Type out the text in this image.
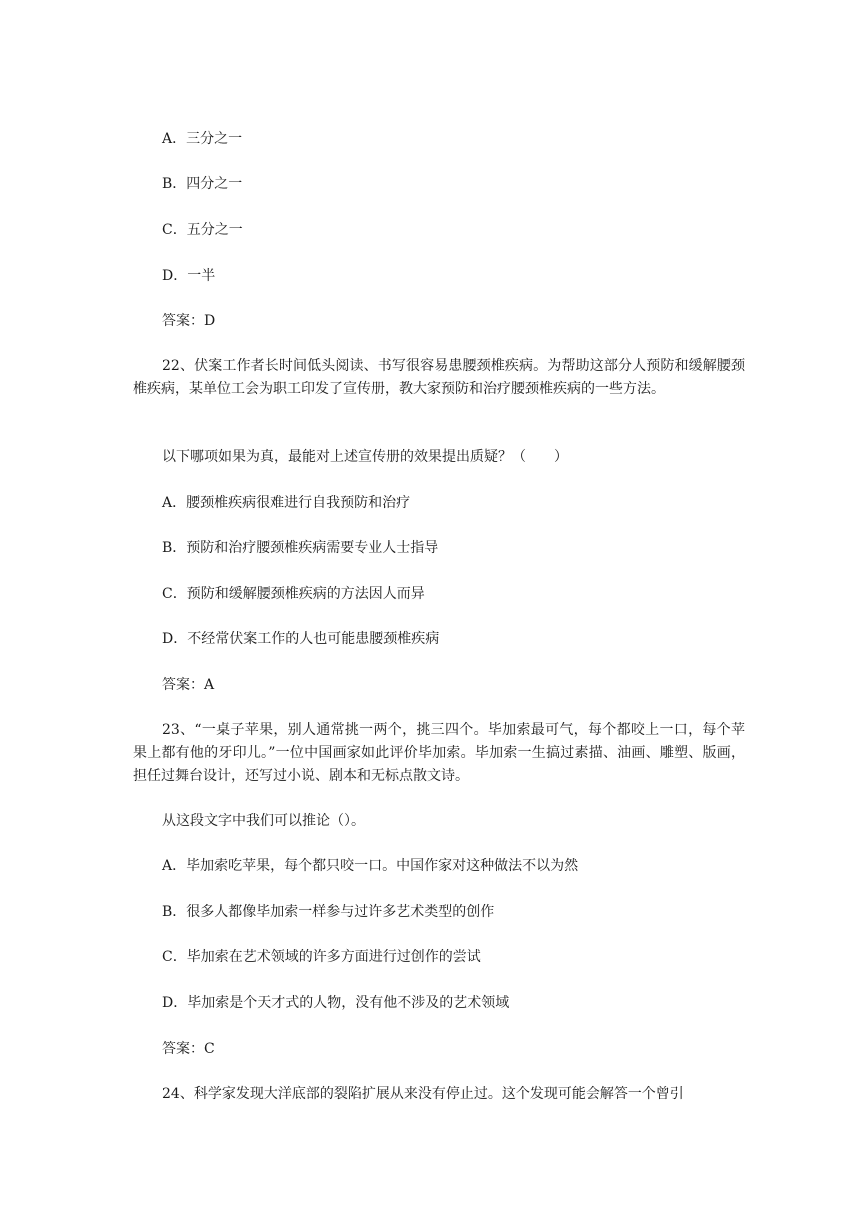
A．三分之一
B．四分之一
C．五分之一
D．一半
答案：D
22、伏案工作者长时间低头阅读、书写很容易患腰颈椎疾病。为帮助这部分人预防和缓解腰颈椎疾病，某单位工会为职工印发了宣传册，教大家预防和治疗腰颈椎疾病的一些方法。
以下哪项如果为真，最能对上述宣传册的效果提出质疑？（　　）
A．腰颈椎疾病很难进行自我预防和治疗
B．预防和治疗腰颈椎疾病需要专业人士指导
C．预防和缓解腰颈椎疾病的方法因人而异
D．不经常伏案工作的人也可能患腰颈椎疾病
答案：A
23、“一桌子苹果，别人通常挑一两个，挑三四个。毕加索最可气，每个都咬上一口，每个苹果上都有他的牙印儿。”一位中国画家如此评价毕加索。毕加索一生搞过素描、油画、雕塑、版画，担任过舞台设计，还写过小说、剧本和无标点散文诗。
从这段文字中我们可以推论（）。
A．毕加索吃苹果，每个都只咬一口。中国作家对这种做法不以为然
B．很多人都像毕加索一样参与过许多艺术类型的创作
C．毕加索在艺术领域的许多方面进行过创作的尝试
D．毕加索是个天才式的人物，没有他不涉及的艺术领域
答案：C
24、科学家发现大洋底部的裂陷扩展从来没有停止过。这个发现可能会解答一个曾引
